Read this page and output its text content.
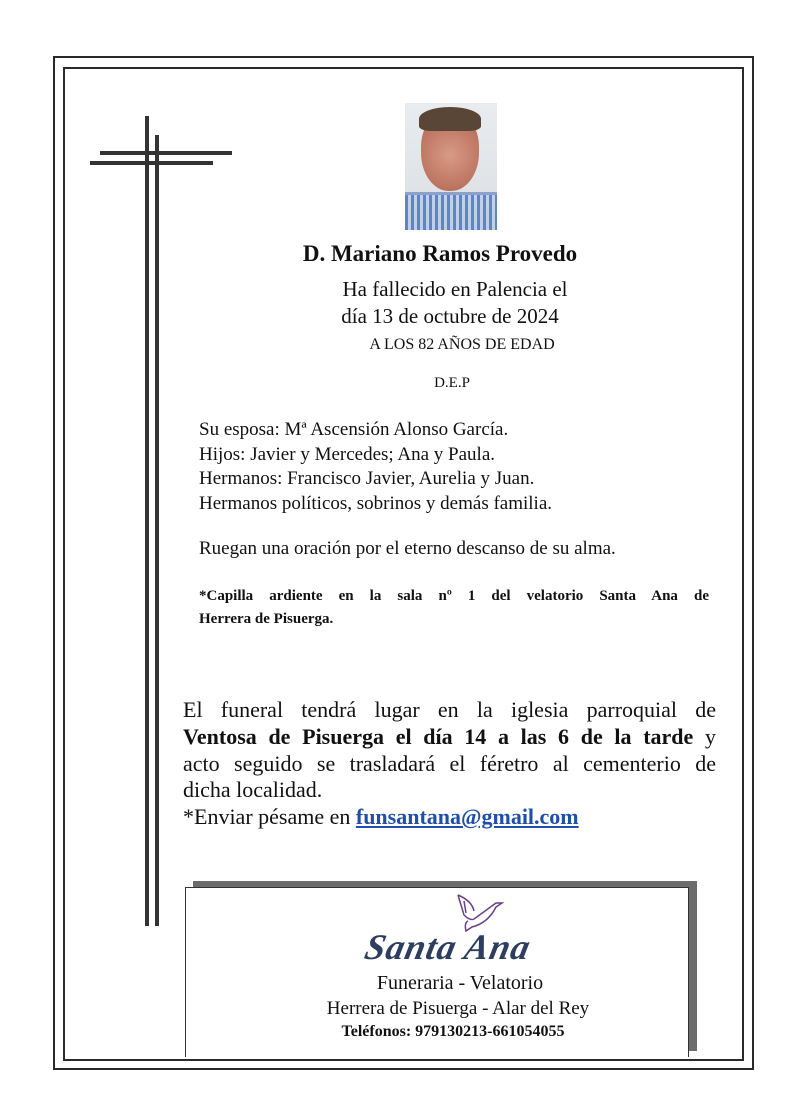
D. Mariano Ramos Provedo
Ha fallecido en Palencia el
día 13 de octubre de 2024
A LOS 82 AÑOS DE EDAD
D.E.P
Su esposa: Mª Ascensión Alonso García.
Hijos: Javier y Mercedes; Ana y Paula.
Hermanos: Francisco Javier, Aurelia y Juan.
Hermanos políticos, sobrinos y demás familia.
Ruegan una oración por el eterno descanso de su alma.
*Capilla ardiente en la sala nº 1 del velatorio Santa Ana de
Herrera de Pisuerga.
El funeral tendrá lugar en la iglesia parroquial de
Ventosa de Pisuerga el día 14 a las 6 de la tarde y
acto seguido se trasladará el féretro al cementerio de
dicha localidad.
*Enviar pésame en funsantana@gmail.com
Santa Ana
Funeraria - Velatorio
Herrera de Pisuerga - Alar del Rey
Teléfonos: 979130213-661054055
